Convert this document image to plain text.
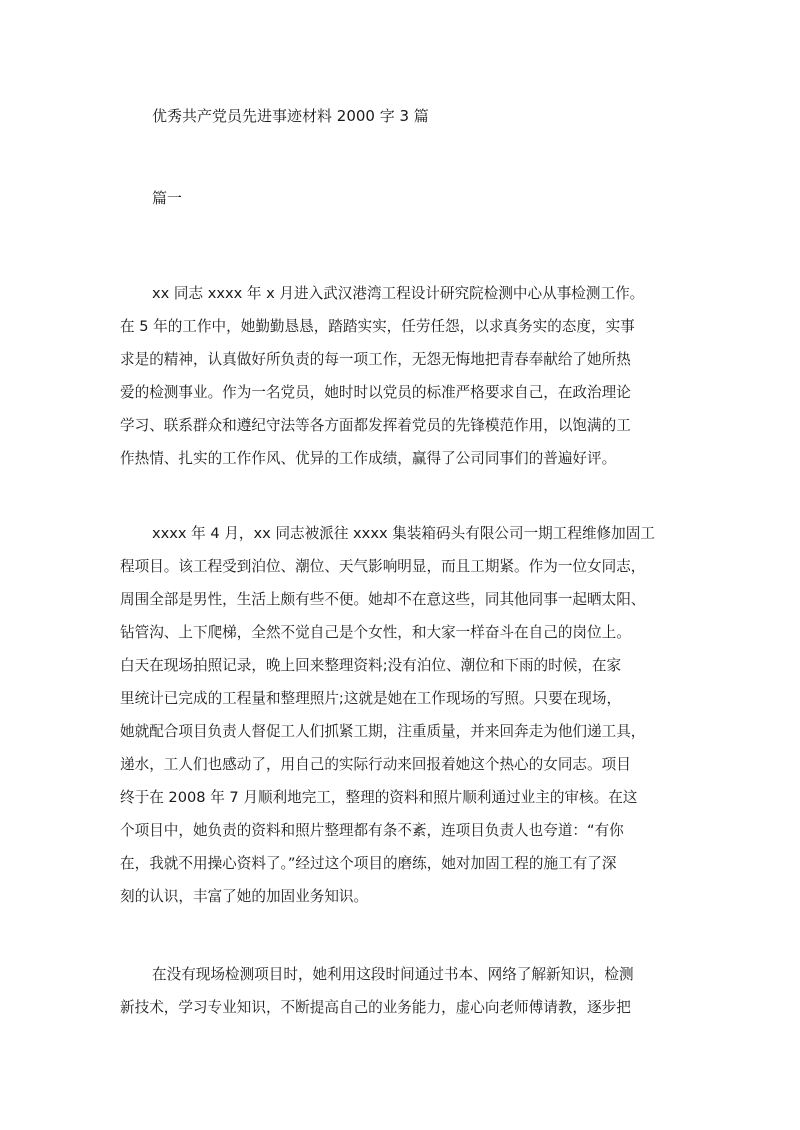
优秀共产党员先进事迹材料 2000 字 3 篇
篇一
xx 同志 xxxx 年 x 月进入武汉港湾工程设计研究院检测中心从事检测工作。
在 5 年的工作中，她勤勤恳恳，踏踏实实，任劳任怨，以求真务实的态度，实事
求是的精神，认真做好所负责的每一项工作，无怨无悔地把青春奉献给了她所热
爱的检测事业。作为一名党员，她时时以党员的标准严格要求自己，在政治理论
学习、联系群众和遵纪守法等各方面都发挥着党员的先锋模范作用，以饱满的工
作热情、扎实的工作作风、优异的工作成绩，赢得了公司同事们的普遍好评。
xxxx 年 4 月，xx 同志被派往 xxxx 集装箱码头有限公司一期工程维修加固工
程项目。该工程受到泊位、潮位、天气影响明显，而且工期紧。作为一位女同志，
周围全部是男性，生活上颇有些不便。她却不在意这些，同其他同事一起晒太阳、
钻管沟、上下爬梯，全然不觉自己是个女性，和大家一样奋斗在自己的岗位上。
白天在现场拍照记录，晚上回来整理资料;没有泊位、潮位和下雨的时候，在家
里统计已完成的工程量和整理照片;这就是她在工作现场的写照。只要在现场，
她就配合项目负责人督促工人们抓紧工期，注重质量，并来回奔走为他们递工具，
递水，工人们也感动了，用自己的实际行动来回报着她这个热心的女同志。项目
终于在 2008 年 7 月顺利地完工，整理的资料和照片顺利通过业主的审核。在这
个项目中，她负责的资料和照片整理都有条不紊，连项目负责人也夸道：“有你
在，我就不用操心资料了。”经过这个项目的磨练，她对加固工程的施工有了深
刻的认识，丰富了她的加固业务知识。
在没有现场检测项目时，她利用这段时间通过书本、网络了解新知识，检测
新技术，学习专业知识，不断提高自己的业务能力，虚心向老师傅请教，逐步把
